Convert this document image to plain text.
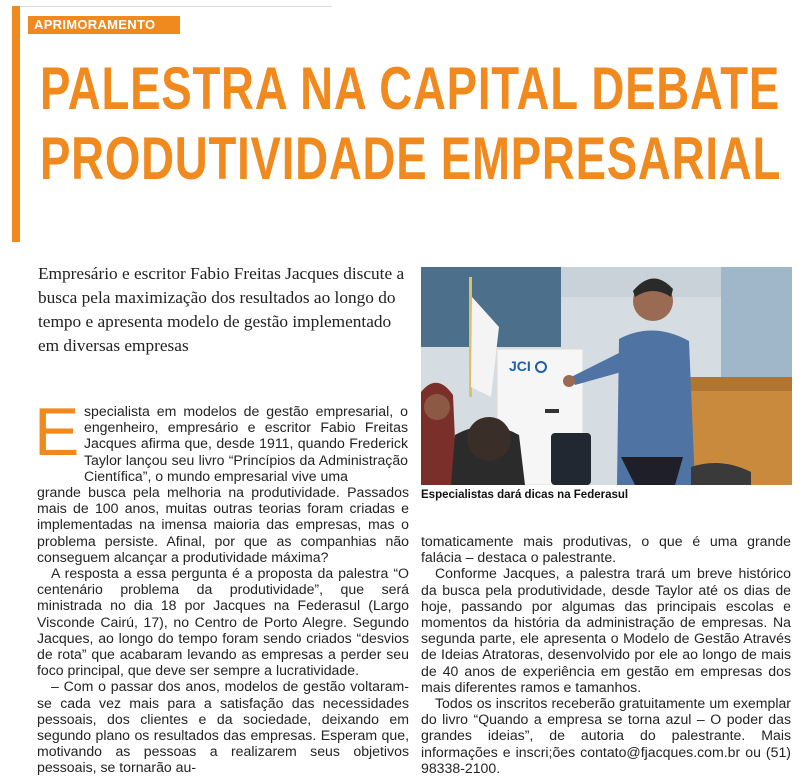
APRIMORAMENTO
PALESTRA NA CAPITAL DEBATE
PRODUTIVIDADE EMPRESARIAL

Empresário e escritor Fabio Freitas Jacques discute a busca pela maximização dos resultados ao longo do tempo e apresenta modelo de gestão implementado em diversas empresas

JCI

Especialistas dará dicas na Federasul

E specialista em modelos de gestão empresarial, o engenheiro, empresário e escritor Fabio Freitas Jacques afirma que, desde 1911, quando Frederick Taylor lançou seu livro “Princípios da Administração Científica”, o mundo empresarial vive uma

grande busca pela melhoria na produtividade. Passados mais de 100 anos, muitas outras teorias foram criadas e implementadas na imensa maioria das empresas, mas o problema persiste. Afinal, por que as companhias não conseguem alcançar a produtividade máxima?

A resposta a essa pergunta é a proposta da palestra “O centenário problema da produtividade”, que será ministrada no dia 18 por Jacques na Federasul (Largo Visconde Cairú, 17), no Centro de Porto Alegre. Segundo Jacques, ao longo do tempo foram sendo criados “desvios de rota” que acabaram levando as empresas a perder seu foco principal, que deve ser sempre a lucratividade.

– Com o passar dos anos, modelos de gestão voltaram-se cada vez mais para a satisfação das necessidades pessoais, dos clientes e da sociedade, deixando em segundo plano os resultados das empresas. Esperam que, motivando as pessoas a realizarem seus objetivos pessoais, se tornarão au-

tomaticamente mais produtivas, o que é uma grande falácia – destaca o palestrante.

Conforme Jacques, a palestra trará um breve histórico da busca pela produtividade, desde Taylor até os dias de hoje, passando por algumas das principais escolas e momentos da história da administração de empresas. Na segunda parte, ele apresenta o Modelo de Gestão Através de Ideias Atratoras, desenvolvido por ele ao longo de mais de 40 anos de experiência em gestão em empresas dos mais diferentes ramos e tamanhos.

Todos os inscritos receberão gratuitamente um exemplar do livro “Quando a empresa se torna azul – O poder das grandes ideias”, de autoria do palestrante. Mais informações e inscri;ões contato@fjacques.com.br ou (51) 98338-2100.
